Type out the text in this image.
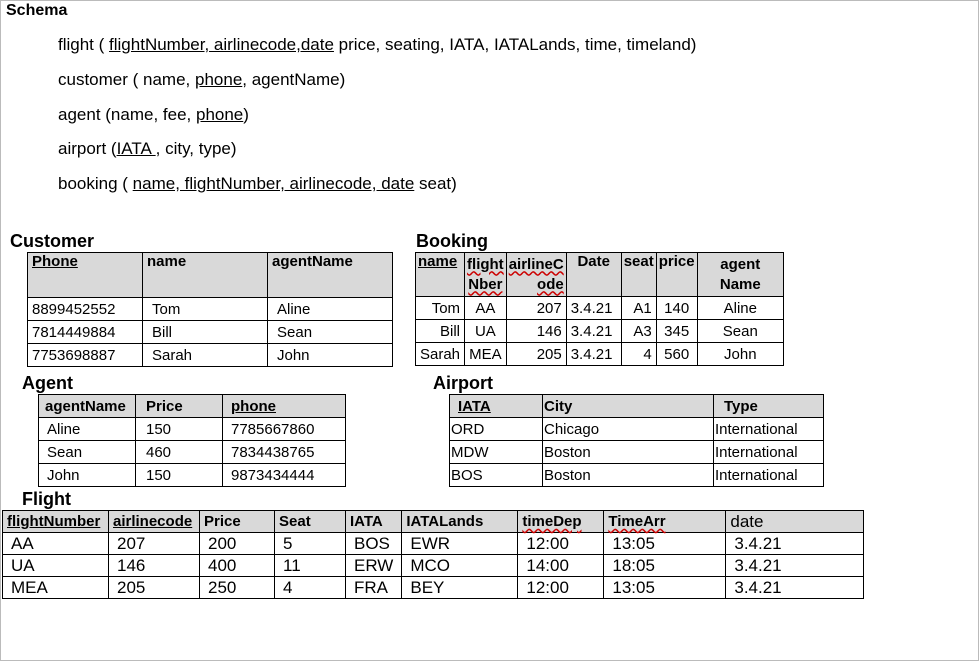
Schema
flight ( flightNumber, airlinecode,date price, seating, IATA, IATALands, time, timeland)
customer ( name, phone, agentName)
agent (name, fee, phone)
airport (IATA , city, type)
booking ( name, flightNumber, airlinecode, date seat)
Customer
Phone	name	agentName
8899452552	Tom	Aline
7814449884	Bill	Sean
7753698887	Sarah	John
Booking
name	flight Nber	airlineC ode	Date	seat	price	agent Name
Tom	AA	207	3.4.21	A1	140	Aline
Bill	UA	146	3.4.21	A3	345	Sean
Sarah	MEA	205	3.4.21	4	560	John
Agent
agentName	Price	phone
Aline	150	7785667860
Sean	460	7834438765
John	150	9873434444
Airport
IATA	City	Type
ORD	Chicago	International
MDW	Boston	International
BOS	Boston	International
Flight
flightNumber	airlinecode	Price	Seat	IATA	IATALands	timeDep	TimeArr	date
AA	207	200	5	BOS	EWR	12:00	13:05	3.4.21
UA	146	400	11	ERW	MCO	14:00	18:05	3.4.21
MEA	205	250	4	FRA	BEY	12:00	13:05	3.4.21
